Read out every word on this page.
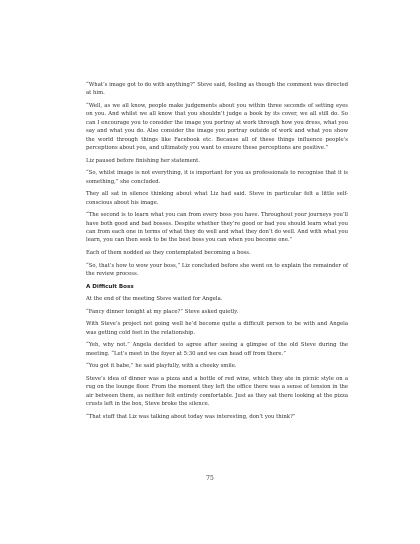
“What’s image got to do with anything?” Steve said, feeling as though the comment was directed at him.

“Well, as we all know, people make judgements about you within three seconds of setting eyes on you. And whilst we all know that you shouldn’t judge a book by its cover, we all still do. So can I encourage you to consider the image you portray at work through how you dress, what you say and what you do. Also consider the image you portray outside of work and what you show the world through things like Facebook etc. Because all of these things influence people’s perceptions about you, and ultimately you want to ensure these perceptions are positive.”

Liz paused before finishing her statement.

“So, whilst image is not everything, it is important for you as professionals to recognise that it is something,” she concluded.

They all sat in silence thinking about what Liz had said. Steve in particular felt a little self-conscious about his image.

“The second is to learn what you can from every boss you have. Throughout your journeys you’ll have both good and bad bosses. Despite whether they’re good or bad you should learn what you can from each one in terms of what they do well and what they don’t do well. And with what you learn, you can then seek to be the best boss you can when you become one.”

Each of them nodded as they contemplated becoming a boss.

“So, that’s how to wow your boss,” Liz concluded before she went on to explain the remainder of the review process.

A Difficult Boss

At the end of the meeting Steve waited for Angela.

“Fancy dinner tonight at my place?” Steve asked quietly.

With Steve’s project not going well he’d become quite a difficult person to be with and Angela was getting cold feet in the relationship.

“Yeh, why not.” Angela decided to agree after seeing a glimpse of the old Steve during the meeting. “Let’s meet in the foyer at 5:30 and we can head off from there.”

“You got it babe,” he said playfully, with a cheeky smile.

Steve’s idea of dinner was a pizza and a bottle of red wine, which they ate in picnic style on a rug on the lounge floor. From the moment they left the office there was a sense of tension in the air between them, as neither felt entirely comfortable. Just as they sat there looking at the pizza crusts left in the box, Steve broke the silence.

“That stuff that Liz was talking about today was interesting, don’t you think?”

75
